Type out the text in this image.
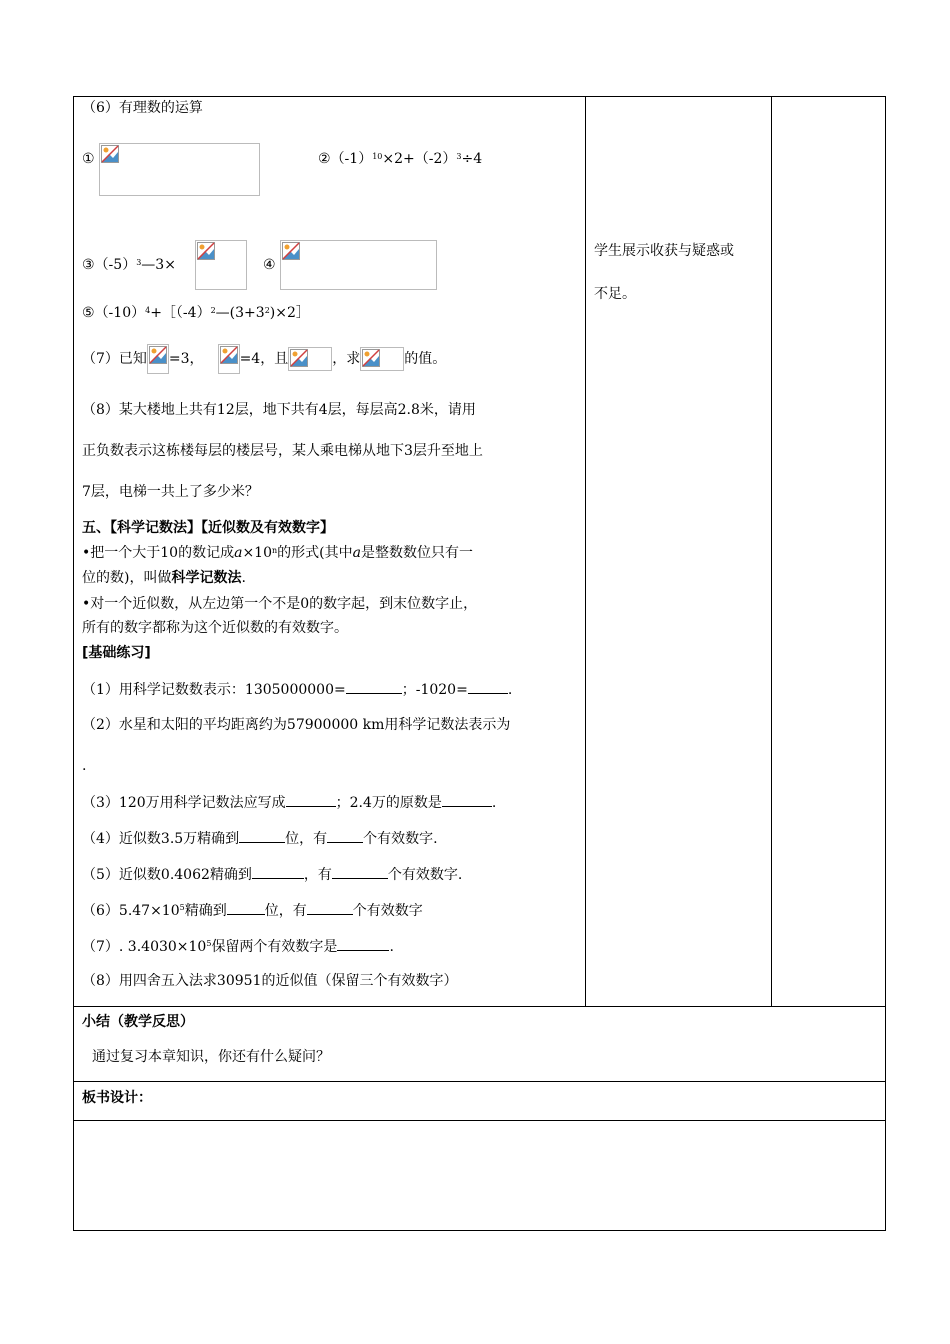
（6）有理数的运算
①	$②(-1)^{10}\times 2+(-2)^3\div 4$
$③(-5)^3—3\times$	④
$⑤(-10)^4+[(-4)^2—(3+3^2)\times 2]$
（7）已知 =3，	=4，且	，求	的值。
（8）某大楼地上共有12层，地下共有4层，每层高2.8米，请用
正负数表示这栋楼每层的楼层号，某人乘电梯从地下3层升至地上
7层，电梯一共上了多少米？
五、【科学记数法】【近似数及有效数字】
•把一个大于10的数记成$a\times 10^n$的形式(其中a是整数数位只有一
位的数)，叫做科学记数法.
•对一个近似数，从左边第一个不是0的数字起，到末位数字止，
所有的数字都称为这个近似数的有效数字。
[基础练习]
（1）用科学记数数表示：1305000000=	；-1020=	.
（2）水星和太阳的平均距离约为57900000 km用科学记数法表示为
.
（3）120万用科学记数法应写成	；2.4万的原数是	.
（4）近似数3.5万精确到	位，有	个有效数字.
（5）近似数0.4062精确到	，有	个有效数字.
$(6)5.47\times 10^5$精确到	位，有	个有效数字
（7）. $3.4030\times 10^5$保留两个有效数字是	.
（8）用四舍五入法求30951的近似值（保留三个有效数字）
学生展示收获与疑惑或
不足。
小结（教学反思）
通过复习本章知识，你还有什么疑问？
板书设计：
